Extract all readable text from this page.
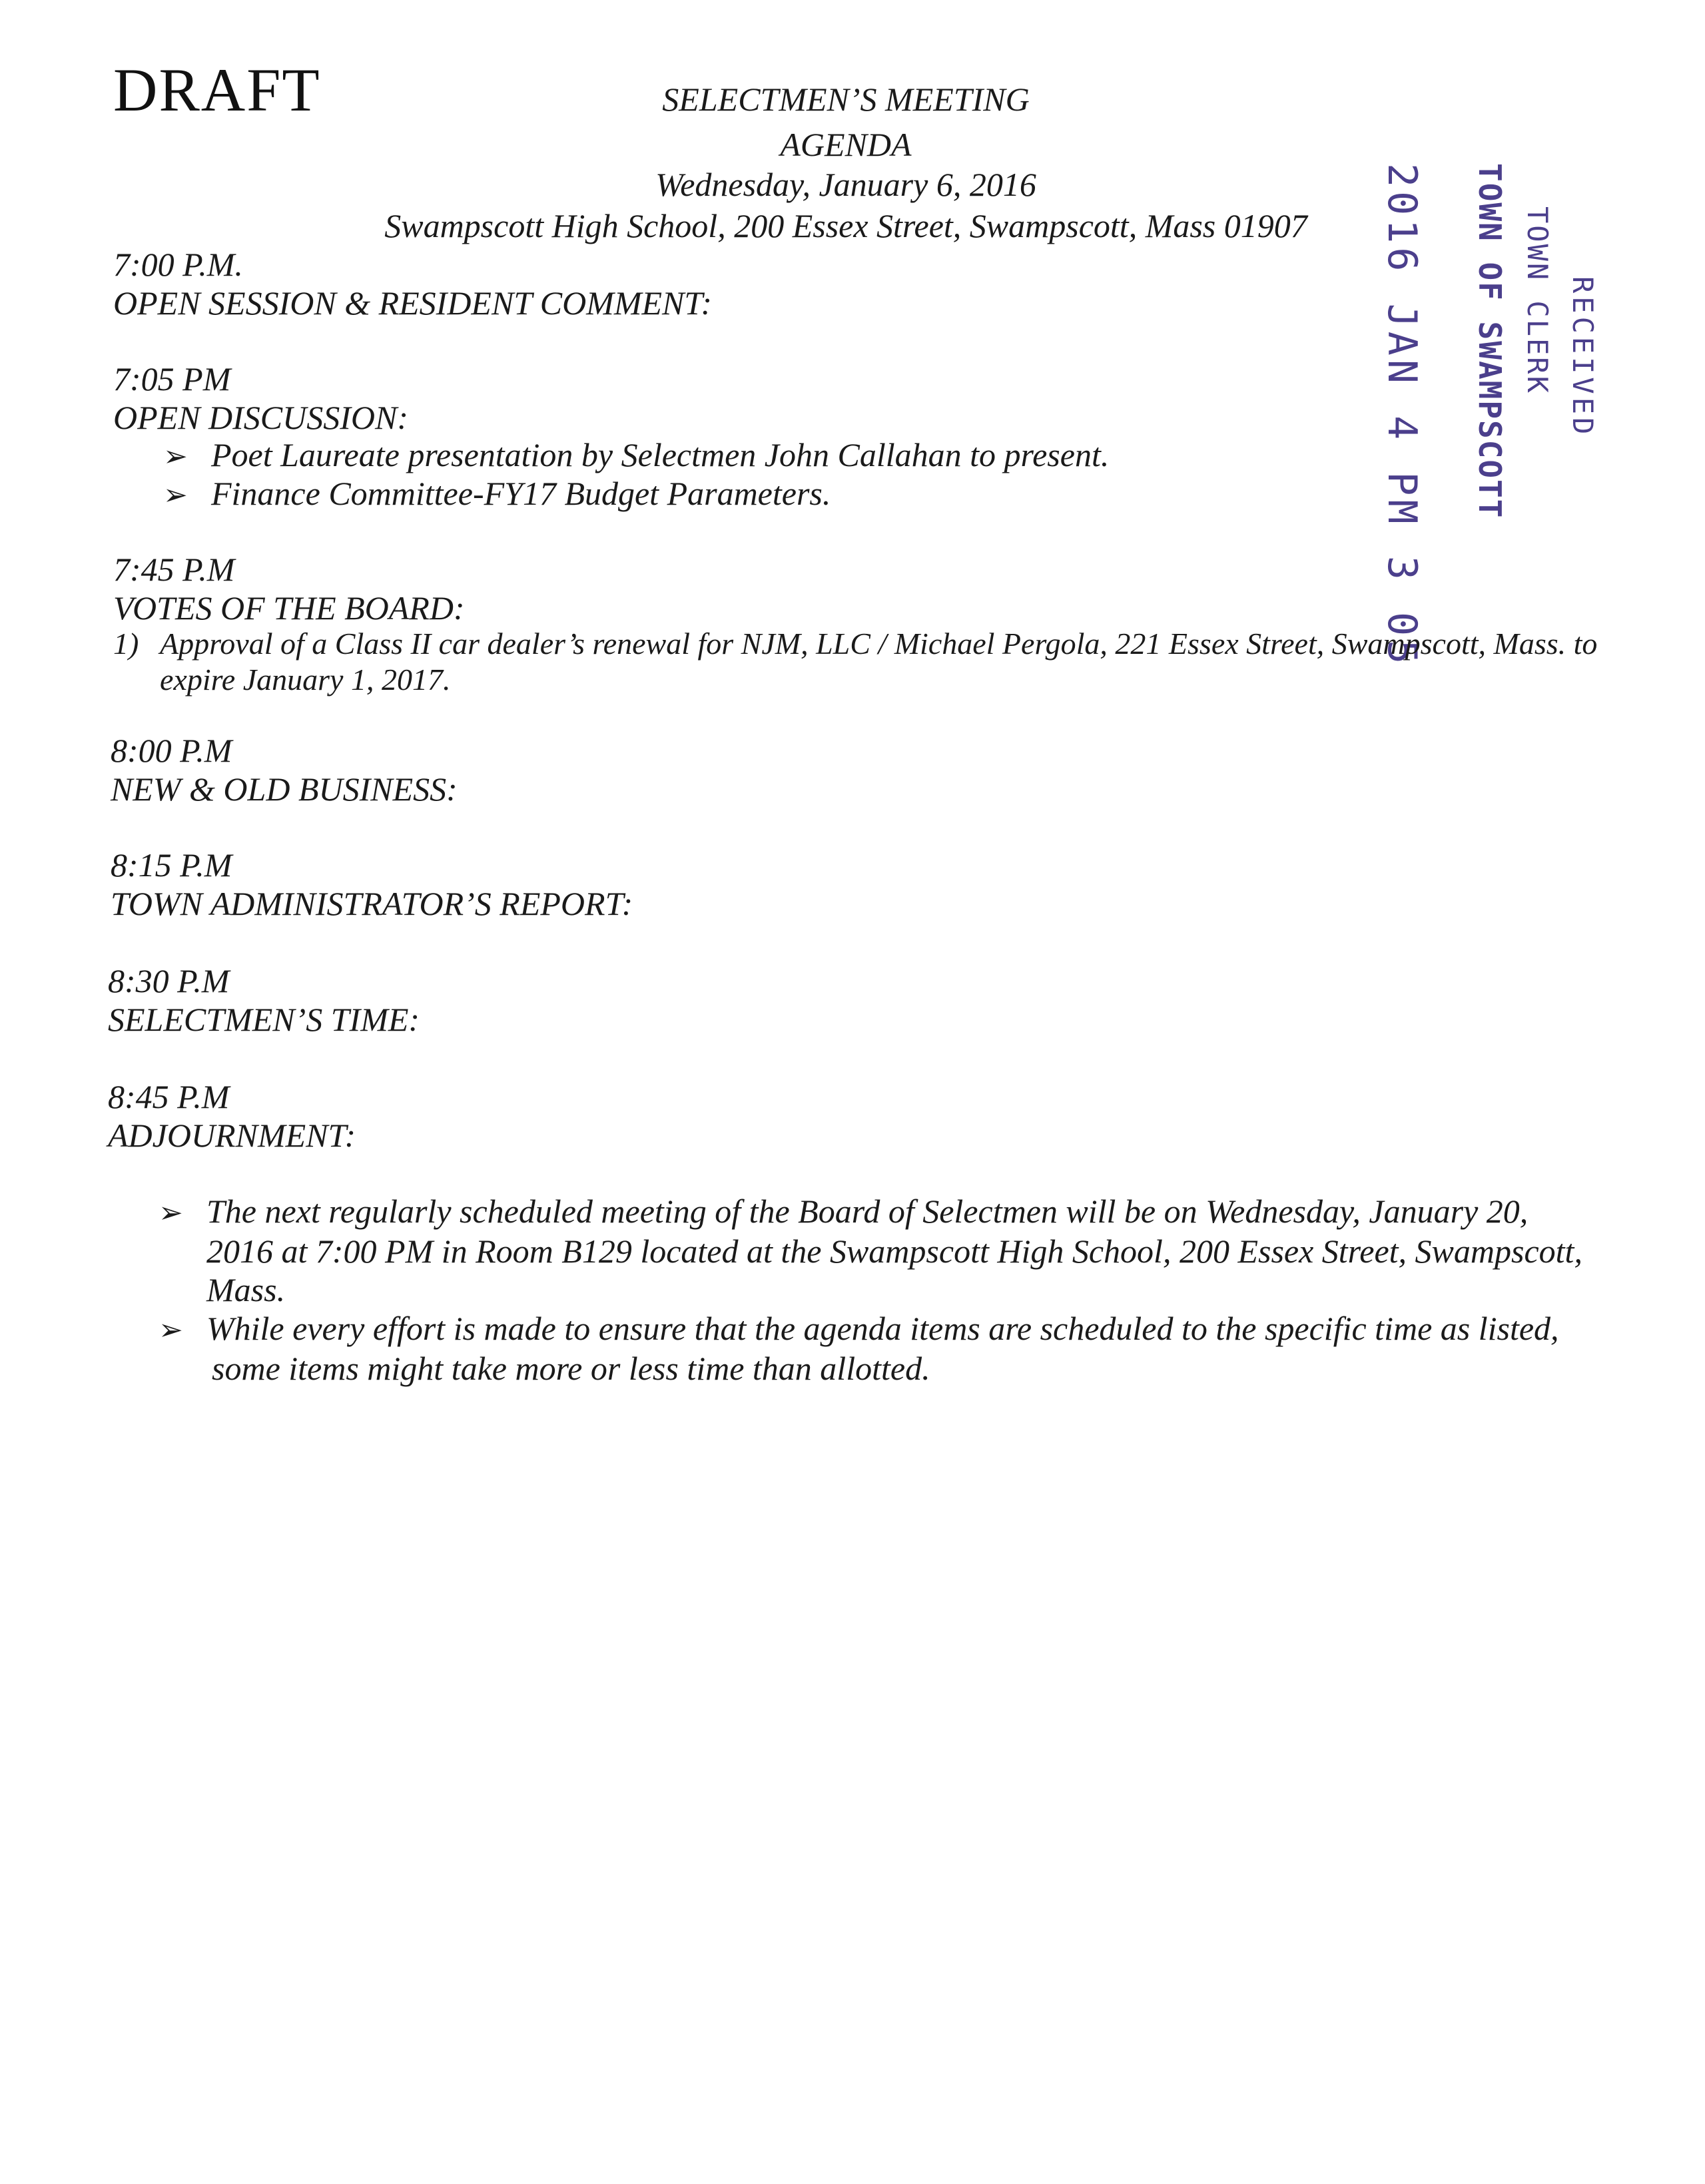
DRAFT	SELECTMEN’S MEETING
AGENDA
Wednesday, January 6, 2016
Swampscott High School, 200 Essex Street, Swampscott, Mass 01907	2016 JAN 4 PM 3 05 TOWN OF SWAMPSCOTT TOWN CLERK RECEIVED
7:00 P.M.
OPEN SESSION & RESIDENT COMMENT:
7:05 PM
OPEN DISCUSSION:
➢ Poet Laureate presentation by Selectmen John Callahan to present.
➢ Finance Committee-FY17 Budget Parameters.
7:45 P.M
VOTES OF THE BOARD:
1) Approval of a Class II car dealer’s renewal for NJM, LLC / Michael Pergola, 221 Essex Street, Swampscott, Mass. to
expire January 1, 2017.
8:00 P.M
NEW & OLD BUSINESS:
8:15 P.M
TOWN ADMINISTRATOR’S REPORT:
8:30 P.M
SELECTMEN’S TIME:
8:45 P.M
ADJOURNMENT:
➢ The next regularly scheduled meeting of the Board of Selectmen will be on Wednesday, January 20,
2016 at 7:00 PM in Room B129 located at the Swampscott High School, 200 Essex Street, Swampscott,
Mass.
➢ While every effort is made to ensure that the agenda items are scheduled to the specific time as listed,
some items might take more or less time than allotted.
